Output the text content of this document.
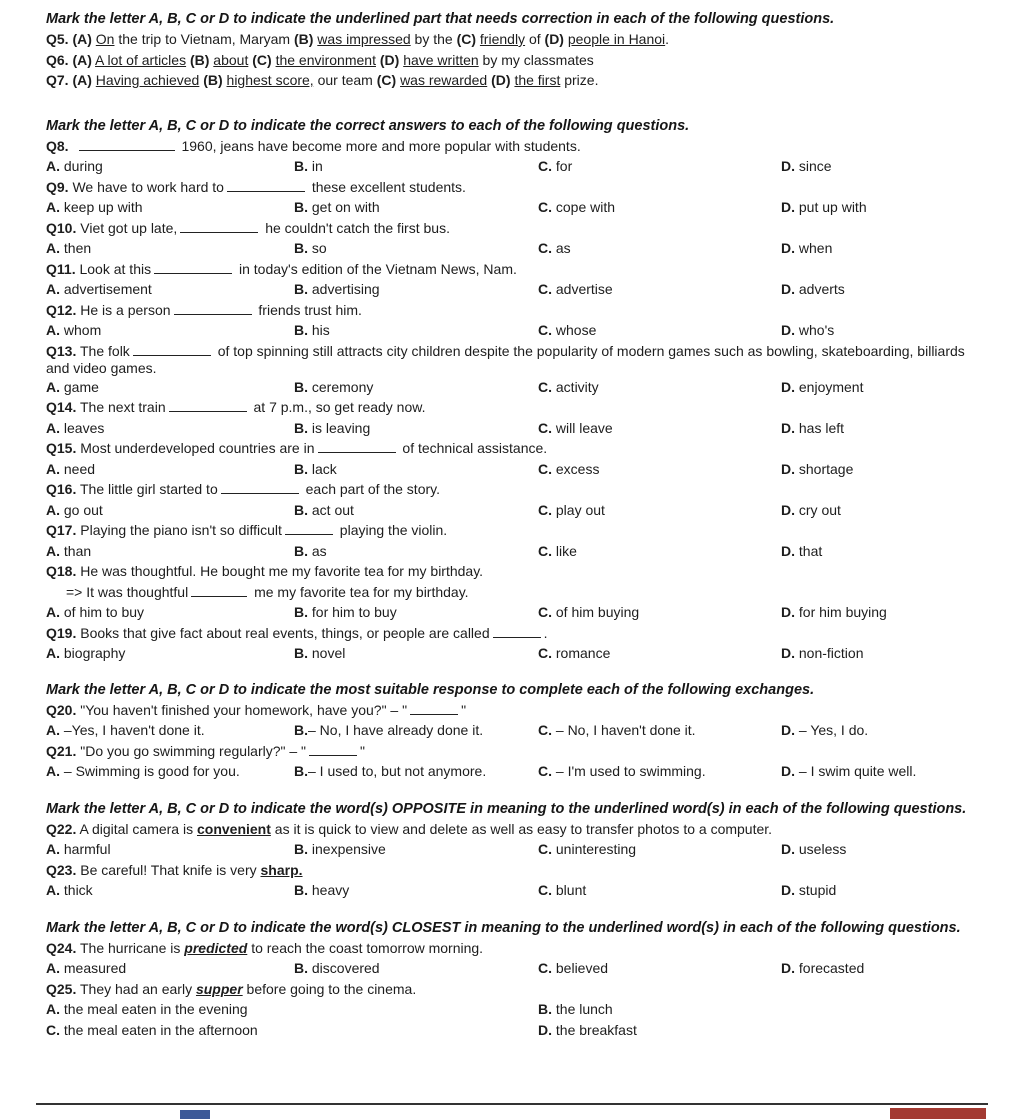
Mark the letter A, B, C or D to indicate the underlined part that needs correction in each of the following questions.
Q5. (A) On the trip to Vietnam, Maryam (B) was impressed by the (C) friendly of (D) people in Hanoi.
Q6. (A) A lot of articles (B) about (C) the environment (D) have written by my classmates
Q7. (A) Having achieved (B) highest score, our team (C) was rewarded (D) the first prize.
Mark the letter A, B, C or D to indicate the correct answers to each of the following questions.
Q8.	1960, jeans have become more and more popular with students.
A. during	B. in	C. for	D. since
Q9. We have to work hard to	these excellent students.
A. keep up with	B. get on with	C. cope with	D. put up with
Q10. Viet got up late,	he couldn't catch the first bus.
A. then	B. so	C. as	D. when
Q11. Look at this	in today's edition of the Vietnam News, Nam.
A. advertisement	B. advertising	C. advertise	D. adverts
Q12. He is a person	friends trust him.
A. whom	B. his	C. whose	D. who's
Q13. The folk	of top spinning still attracts city children despite the popularity of modern games such as bowling, skateboarding, billiards and video games.
A. game	B. ceremony	C. activity	D. enjoyment
Q14. The next train	at 7 p.m., so get ready now.
A. leaves	B. is leaving	C. will leave	D. has left
Q15. Most underdeveloped countries are in	of technical assistance.
A. need	B. lack	C. excess	D. shortage
Q16. The little girl started to	each part of the story.
A. go out	B. act out	C. play out	D. cry out
Q17. Playing the piano isn't so difficult	playing the violin.
A. than	B. as	C. like	D. that
Q18. He was thoughtful. He bought me my favorite tea for my birthday.
=> It was thoughtful	me my favorite tea for my birthday.
A. of him to buy	B. for him to buy	C. of him buying	D. for him buying
Q19. Books that give fact about real events, things, or people are called	.
A. biography	B. novel	C. romance	D. non-fiction
Mark the letter A, B, C or D to indicate the most suitable response to complete each of the following exchanges.
Q20. "You haven't finished your homework, have you?" – "	"
A. –Yes, I haven't done it.	B.– No, I have already done it.	C. – No, I haven't done it.	D. – Yes, I do.
Q21. "Do you go swimming regularly?" – "	"
A. – Swimming is good for you.	B.– I used to, but not anymore.	C. – I'm used to swimming.	D. – I swim quite well.
Mark the letter A, B, C or D to indicate the word(s) OPPOSITE in meaning to the underlined word(s) in each of the following questions.
Q22. A digital camera is convenient as it is quick to view and delete as well as easy to transfer photos to a computer.
A. harmful	B. inexpensive	C. uninteresting	D. useless
Q23. Be careful! That knife is very sharp.
A. thick	B. heavy	C. blunt	D. stupid
Mark the letter A, B, C or D to indicate the word(s) CLOSEST in meaning to the underlined word(s) in each of the following questions.
Q24. The hurricane is predicted to reach the coast tomorrow morning.
A. measured	B. discovered	C. believed	D. forecasted
Q25. They had an early supper before going to the cinema.
A. the meal eaten in the evening	B. the lunch
C. the meal eaten in the afternoon	D. the breakfast
